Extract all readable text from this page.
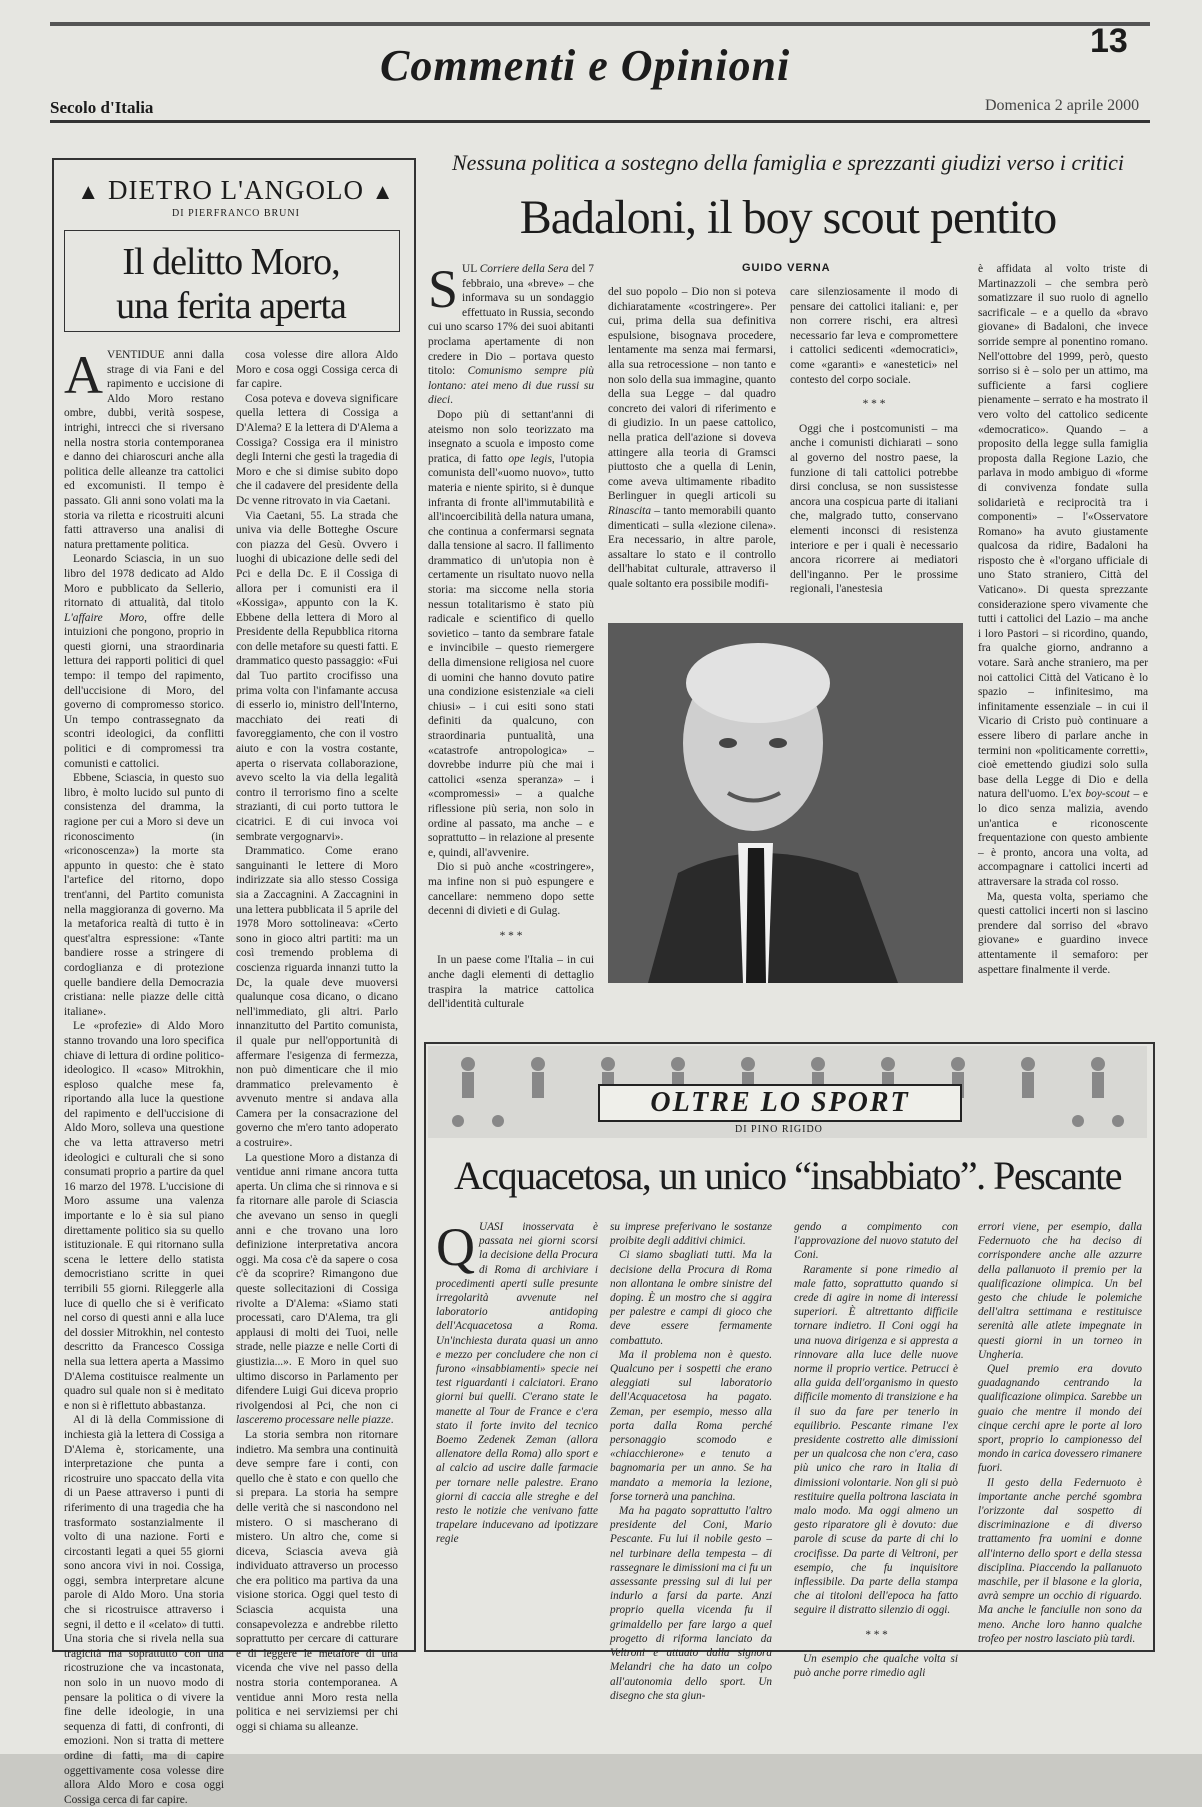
13
Commenti e Opinioni
Secolo d'Italia	Domenica 2 aprile 2000
▲ DIETRO L'ANGOLO ▲
DI PIERFRANCO BRUNI
Il delitto Moro,
una ferita aperta

AVENTIDUE anni dalla strage di via Fani e del rapimento e uccisione di Aldo Moro restano ombre, dubbi, verità sospese, intrighi, intrecci che si riversano nella nostra storia contemporanea e danno dei chiaroscuri anche alla politica delle alleanze tra cattolici ed excomunisti. Il tempo è passato. Gli anni sono volati ma la storia va riletta e ricostruiti alcuni fatti attraverso una analisi di natura prettamente politica.

Leonardo Sciascia, in un suo libro del 1978 dedicato ad Aldo Moro e pubblicato da Sellerio, ritornato di attualità, dal titolo L'affaire Moro, offre delle intuizioni che pongono, proprio in questi giorni, una straordinaria lettura dei rapporti politici di quel tempo: il tempo del rapimento, dell'uccisione di Moro, del governo di compromesso storico. Un tempo contrassegnato da scontri ideologici, da conflitti politici e di compromessi tra comunisti e cattolici.

Ebbene, Sciascia, in questo suo libro, è molto lucido sul punto di consistenza del dramma, la ragione per cui a Moro si deve un riconoscimento (in «riconoscenza») la morte sta appunto in questo: che è stato l'artefice del ritorno, dopo trent'anni, del Partito comunista nella maggioranza di governo. Ma la metaforica realtà di tutto è in quest'altra espressione: «Tante bandiere rosse a stringere di cordoglianza e di protezione quelle bandiere della Democrazia cristiana: nelle piazze delle città italiane».

Le «profezie» di Aldo Moro stanno trovando una loro specifica chiave di lettura di ordine politico-ideologico. Il «caso» Mitrokhin, esploso qualche mese fa, riportando alla luce la questione del rapimento e dell'uccisione di Aldo Moro, solleva una questione che va letta attraverso metri ideologici e culturali che si sono consumati proprio a partire da quel 16 marzo del 1978. L'uccisione di Moro assume una valenza importante e lo è sia sul piano direttamente politico sia su quello istituzionale. E qui ritornano sulla scena le lettere dello statista democristiano scritte in quei terribili 55 giorni. Rileggerle alla luce di quello che si è verificato nel corso di questi anni e alla luce del dossier Mitrokhin, nel contesto descritto da Francesco Cossiga nella sua lettera aperta a Massimo D'Alema costituisce realmente un quadro sul quale non si è meditato e non si è riflettuto abbastanza.

Al di là della Commissione di inchiesta già la lettera di Cossiga a D'Alema è, storicamente, una interpretazione che punta a ricostruire uno spaccato della vita di un Paese attraverso i punti di riferimento di una tragedia che ha trasformato sostanzialmente il volto di una nazione. Forti e circostanti legati a quei 55 giorni sono ancora vivi in noi. Cossiga, oggi, sembra interpretare alcune parole di Aldo Moro. Una storia che si ricostruisce attraverso i segni, il detto e il «celato» di tutti. Una storia che si rivela nella sua tragicità ma soprattutto con una ricostruzione che va incastonata, non solo in un nuovo modo di pensare la politica o di vivere la fine delle ideologie, in una sequenza di fatti, di confronti, di emozioni. Non si tratta di mettere ordine di fatti, ma di capire oggettivamente cosa volesse dire allora Aldo Moro e cosa oggi Cossiga cerca di far capire.

cosa volesse dire allora Aldo Moro e cosa oggi Cossiga cerca di far capire.

Cosa poteva e doveva significare quella lettera di Cossiga a D'Alema? E la lettera di D'Alema a Cossiga? Cossiga era il ministro degli Interni che gestì la tragedia di Moro e che si dimise subito dopo che il cadavere del presidente della Dc venne ritrovato in via Caetani.

Via Caetani, 55. La strada che univa via delle Botteghe Oscure con piazza del Gesù. Ovvero i luoghi di ubicazione delle sedi del Pci e della Dc. E il Cossiga di allora per i comunisti era il «Kossiga», appunto con la K. Ebbene della lettera di Moro al Presidente della Repubblica ritorna con delle metafore su questi fatti. E drammatico questo passaggio: «Fui dal Tuo partito crocifisso una prima volta con l'infamante accusa di esserlo io, ministro dell'Interno, macchiato dei reati di favoreggiamento, che con il vostro aiuto e con la vostra costante, aperta o riservata collaborazione, avevo scelto la via della legalità contro il terrorismo fino a scelte strazianti, di cui porto tuttora le cicatrici. E di cui invoca voi sembrate vergognarvi».

Drammatico. Come erano sanguinanti le lettere di Moro indirizzate sia allo stesso Cossiga sia a Zaccagnini. A Zaccagnini in una lettera pubblicata il 5 aprile del 1978 Moro sottolineava: «Certo sono in gioco altri partiti: ma un così tremendo problema di coscienza riguarda innanzi tutto la Dc, la quale deve muoversi qualunque cosa dicano, o dicano nell'immediato, gli altri. Parlo innanzitutto del Partito comunista, il quale pur nell'opportunità di affermare l'esigenza di fermezza, non può dimenticare che il mio drammatico prelevamento è avvenuto mentre si andava alla Camera per la consacrazione del governo che m'ero tanto adoperato a costruire».

La questione Moro a distanza di ventidue anni rimane ancora tutta aperta. Un clima che si rinnova e si fa ritornare alle parole di Sciascia che avevano un senso in quegli anni e che trovano una loro definizione interpretativa ancora oggi. Ma cosa c'è da sapere o cosa c'è da scoprire? Rimangono due queste sollecitazioni di Cossiga rivolte a D'Alema: «Siamo stati processati, caro D'Alema, tra gli applausi di molti dei Tuoi, nelle strade, nelle piazze e nelle Corti di giustizia...». E Moro in quel suo ultimo discorso in Parlamento per difendere Luigi Gui diceva proprio rivolgendosi al Pci, che non ci lasceremo processare nelle piazze.

La storia sembra non ritornare indietro. Ma sembra una continuità deve sempre fare i conti, con quello che è stato e con quello che si prepara. La storia ha sempre delle verità che si nascondono nel mistero. O si mascherano di mistero. Un altro che, come si diceva, Sciascia aveva già individuato attraverso un processo che era politico ma partiva da una visione storica. Oggi quel testo di Sciascia acquista una consapevolezza e andrebbe riletto soprattutto per cercare di catturare e di leggere le metafore di una vicenda che vive nel passo della nostra storia contemporanea. A ventidue anni Moro resta nella politica e nei serviziemsi per chi oggi si chiama su alleanze.

Nessuna politica a sostegno della famiglia e sprezzanti giudizi verso i critici
Badaloni, il boy scout pentito
GUIDO VERNA

SUL Corriere della Sera del 7 febbraio, una «breve» – che informava su un sondaggio effettuato in Russia, secondo cui uno scarso 17% dei suoi abitanti proclama apertamente di non credere in Dio – portava questo titolo: Comunismo sempre più lontano: atei meno di due russi su dieci.

Dopo più di settant'anni di ateismo non solo teorizzato ma insegnato a scuola e imposto come pratica, di fatto ope legis, l'utopia comunista dell'«uomo nuovo», tutto materia e niente spirito, si è dunque infranta di fronte all'immutabilità e all'incoercibilità della natura umana, che continua a confermarsi segnata dalla tensione al sacro. Il fallimento drammatico di un'utopia non è certamente un risultato nuovo nella storia: ma siccome nella storia nessun totalitarismo è stato più radicale e scientifico di quello sovietico – tanto da sembrare fatale e invincibile – questo riemergere della dimensione religiosa nel cuore di uomini che hanno dovuto patire una condizione esistenziale «a cieli chiusi» – i cui esiti sono stati definiti da qualcuno, con straordinaria puntualità, una «catastrofe antropologica» – dovrebbe indurre più che mai i cattolici «senza speranza» – i «compromessi» – a qualche riflessione più seria, non solo in ordine al passato, ma anche – e soprattutto – in relazione al presente e, quindi, all'avvenire.

Dio si può anche «costringere», ma infine non si può espungere e cancellare: nemmeno dopo sette decenni di divieti e di Gulag.

* * *

In un paese come l'Italia – in cui anche dagli elementi di dettaglio traspira la matrice cattolica dell'identità culturale

del suo popolo – Dio non si poteva dichiaratamente «costringere». Per cui, prima della sua definitiva espulsione, bisognava procedere, lentamente ma senza mai fermarsi, alla sua retrocessione – non tanto e non solo della sua immagine, quanto della sua Legge – dal quadro concreto dei valori di riferimento e di giudizio. In un paese cattolico, nella pratica dell'azione si doveva attingere alla teoria di Gramsci piuttosto che a quella di Lenin, come aveva ultimamente ribadito Berlinguer in quegli articoli su Rinascita – tanto memorabili quanto dimenticati – sulla «lezione cilena». Era necessario, in altre parole, assaltare lo stato e il controllo dell'habitat culturale, attraverso il quale soltanto era possibile modifi-

care silenziosamente il modo di pensare dei cattolici italiani: e, per non correre rischi, era altresì necessario far leva e compromettere i cattolici sedicenti «democratici», come «garanti» e «anestetici» nel contesto del corpo sociale.

* * *

Oggi che i postcomunisti – ma anche i comunisti dichiarati – sono al governo del nostro paese, la funzione di tali cattolici potrebbe dirsi conclusa, se non sussistesse ancora una cospicua parte di italiani che, malgrado tutto, conservano elementi inconsci di resistenza interiore e per i quali è necessario ancora ricorrere ai mediatori dell'inganno. Per le prossime regionali, l'anestesia

è affidata al volto triste di Martinazzoli – che sembra però somatizzare il suo ruolo di agnello sacrificale – e a quello da «bravo giovane» di Badaloni, che invece sorride sempre al ponentino romano. Nell'ottobre del 1999, però, questo sorriso si è – solo per un attimo, ma sufficiente a farsi cogliere pienamente – serrato e ha mostrato il vero volto del cattolico sedicente «democratico». Quando – a proposito della legge sulla famiglia proposta dalla Regione Lazio, che parlava in modo ambiguo di «forme di convivenza fondate sulla solidarietà e reciprocità tra i componenti» – l'«Osservatore Romano» ha avuto giustamente qualcosa da ridire, Badaloni ha risposto che è «l'organo ufficiale di uno Stato straniero, Città del Vaticano». Di questa sprezzante considerazione spero vivamente che tutti i cattolici del Lazio – ma anche i loro Pastori – si ricordino, quando, fra qualche giorno, andranno a votare. Sarà anche straniero, ma per noi cattolici Città del Vaticano è lo spazio – infinitesimo, ma infinitamente essenziale – in cui il Vicario di Cristo può continuare a essere libero di parlare anche in termini non «politicamente corretti», cioè emettendo giudizi solo sulla base della Legge di Dio e della natura dell'uomo. L'ex boy-scout – e lo dico senza malizia, avendo un'antica e riconoscente frequentazione con questo ambiente – è pronto, ancora una volta, ad accompagnare i cattolici incerti ad attraversare la strada col rosso.

Ma, questa volta, speriamo che questi cattolici incerti non si lascino prendere dal sorriso del «bravo giovane» e guardino invece attentamente il semaforo: per aspettare finalmente il verde.

OLTRE LO SPORT
DI PINO RIGIDO
Acquacetosa, un unico “insabbiato”. Pescante

QUASI inosservata è passata nei giorni scorsi la decisione della Procura di Roma di archiviare i procedimenti aperti sulle presunte irregolarità avvenute nel laboratorio antidoping dell'Acquacetosa a Roma. Un'inchiesta durata quasi un anno e mezzo per concludere che non ci furono «insabbiamenti» specie nei test riguardanti i calciatori. Erano giorni bui quelli. C'erano state le manette al Tour de France e c'era stato il forte invito del tecnico Boemo Zedenek Zeman (allora allenatore della Roma) allo sport e al calcio ad uscire dalle farmacie per tornare nelle palestre. Erano giorni di caccia alle streghe e del resto le notizie che venivano fatte trapelare inducevano ad ipotizzare regie

su imprese preferivano le sostanze proibite degli additivi chimici.

Ci siamo sbagliati tutti. Ma la decisione della Procura di Roma non allontana le ombre sinistre del doping. È un mostro che si aggira per palestre e campi di gioco che deve essere fermamente combattuto.

Ma il problema non è questo. Qualcuno per i sospetti che erano aleggiati sul laboratorio dell'Acquacetosa ha pagato. Zeman, per esempio, messo alla porta dalla Roma perché personaggio scomodo e «chiacchierone» e tenuto a bagnomaria per un anno. Se ha mandato a memoria la lezione, forse tornerà una panchina.

Ma ha pagato soprattutto l'altro presidente del Coni, Mario Pescante. Fu lui il nobile gesto – nel turbinare della tempesta – di rassegnare le dimissioni ma ci fu un assessante pressing sul di lui per indurlo a farsi da parte. Anzi proprio quella vicenda fu il grimaldello per fare largo a quel progetto di riforma lanciato da Veltroni e attuato dalla signora Melandri che ha dato un colpo all'autonomia dello sport. Un disegno che sta giun-

gendo a compimento con l'approvazione del nuovo statuto del Coni.

Raramente si pone rimedio al male fatto, soprattutto quando si crede di agire in nome di interessi superiori. È altrettanto difficile tornare indietro. Il Coni oggi ha una nuova dirigenza e si appresta a rinnovare alla luce delle nuove norme il proprio vertice. Petrucci è alla guida dell'organismo in questo difficile momento di transizione e ha il suo da fare per tenerlo in equilibrio. Pescante rimane l'ex presidente costretto alle dimissioni per un qualcosa che non c'era, caso più unico che raro in Italia di dimissioni volontarie. Non gli si può restituire quella poltrona lasciata in malo modo. Ma oggi almeno un gesto riparatore gli è dovuto: due parole di scuse da parte di chi lo crocifisse. Da parte di Veltroni, per esempio, che fu inquisitore inflessibile. Da parte della stampa che ai titoloni dell'epoca ha fatto seguire il distratto silenzio di oggi.

* * *

Un esempio che qualche volta si può anche porre rimedio agli

errori viene, per esempio, dalla Federnuoto che ha deciso di corrispondere anche alle azzurre della pallanuoto il premio per la qualificazione olimpica. Un bel gesto che chiude le polemiche dell'altra settimana e restituisce serenità alle atlete impegnate in questi giorni in un torneo in Ungheria.

Quel premio era dovuto guadagnando centrando la qualificazione olimpica. Sarebbe un guaio che mentre il mondo dei cinque cerchi apre le porte al loro sport, proprio lo campionesso del mondo in carica dovessero rimanere fuori.

Il gesto della Federnuoto è importante anche perché sgombra l'orizzonte dal sospetto di discriminazione e di diverso trattamento fra uomini e donne all'interno dello sport e della stessa disciplina. Piaccendo la pallanuoto maschile, per il blasone e la gloria, avrà sempre un occhio di riguardo. Ma anche le fanciulle non sono da meno. Anche loro hanno qualche trofeo per nostro lasciato più tardi.
